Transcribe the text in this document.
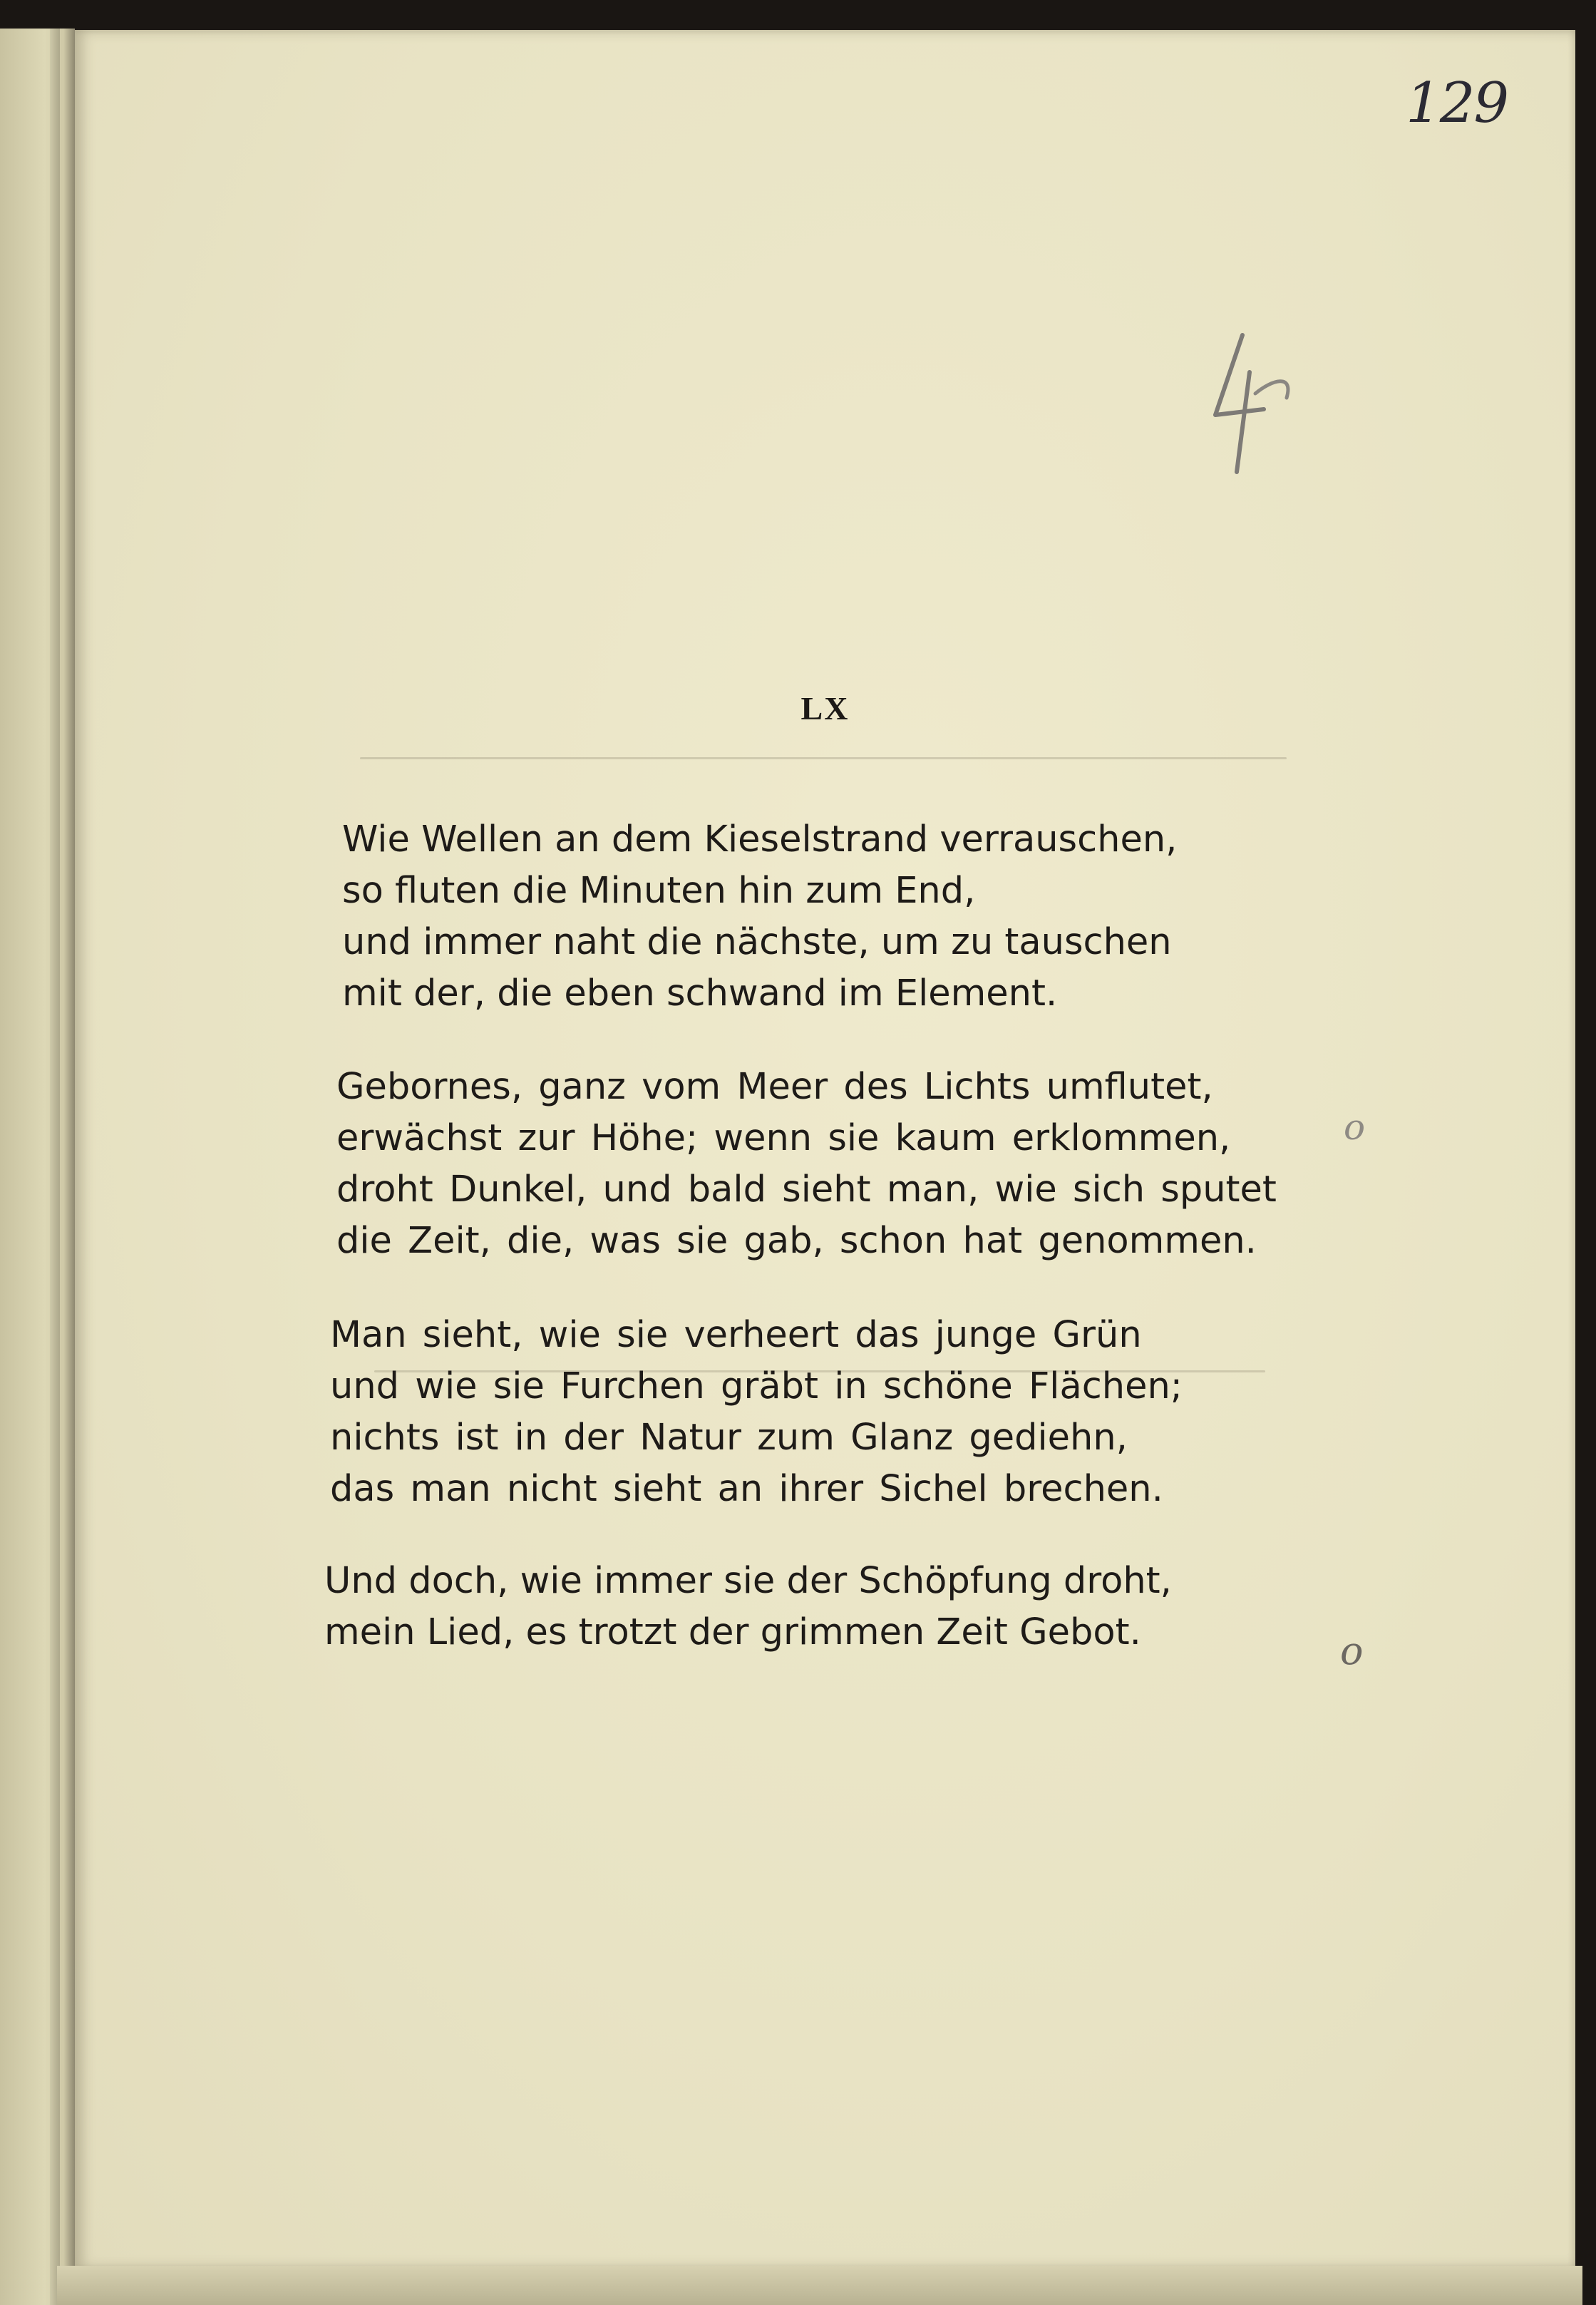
129
LX
Wie Wellen an dem Kieselstrand verrauschen,
so fluten die Minuten hin zum End,
und immer naht die nächste, um zu tauschen
mit der, die eben schwand im Element.
Gebornes, ganz vom Meer des Lichts umflutet,
erwächst zur Höhe; wenn sie kaum erklommen,
droht Dunkel, und bald sieht man, wie sich sputet
die Zeit, die, was sie gab, schon hat genommen.
Man sieht, wie sie verheert das junge Grün
und wie sie Furchen gräbt in schöne Flächen;
nichts ist in der Natur zum Glanz gediehn,
das man nicht sieht an ihrer Sichel brechen.
Und doch, wie immer sie der Schöpfung droht,
mein Lied, es trotzt der grimmen Zeit Gebot.
o
o
